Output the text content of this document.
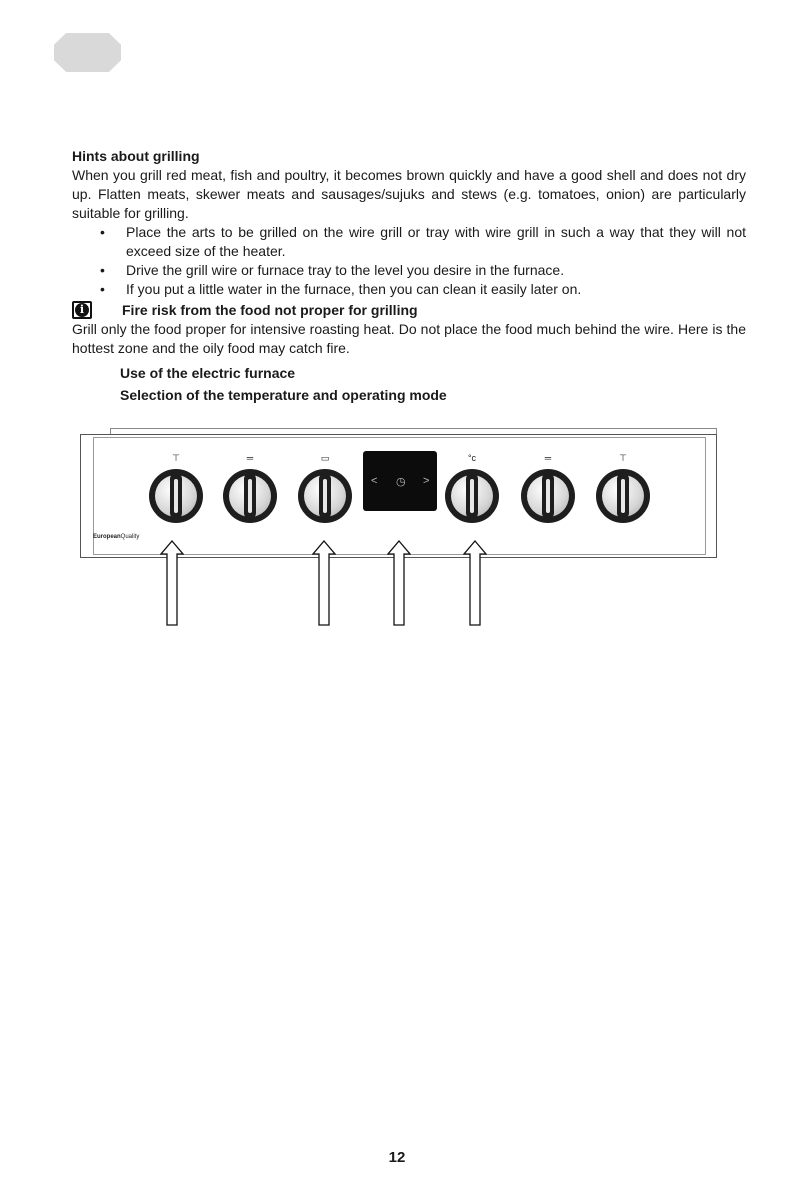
Hints about grilling

When you grill red meat, fish and poultry, it becomes brown quickly and have a good shell and does not dry up. Flatten meats, skewer meats and sausages/sujuks and stews (e.g. tomatoes, onion) are particularly suitable for grilling.

• Place the arts to be grilled on the wire grill or tray with wire grill in such a way that they will not exceed size of the heater.
• Drive the grill wire or furnace tray to the level you desire in the furnace.
• If you put a little water in the furnace, then you can clean it easily later on.
i	Fire risk from the food not proper for grilling

Grill only the food proper for intensive roasting heat. Do not place the food much behind the wire. Here is the hottest zone and the oily food may catch fire.

Use of the electric furnace

Selection of the temperature and operating mode

⊤	═	▭	°c	═	⊤
< ◷ >
EuropeanQuality
12
